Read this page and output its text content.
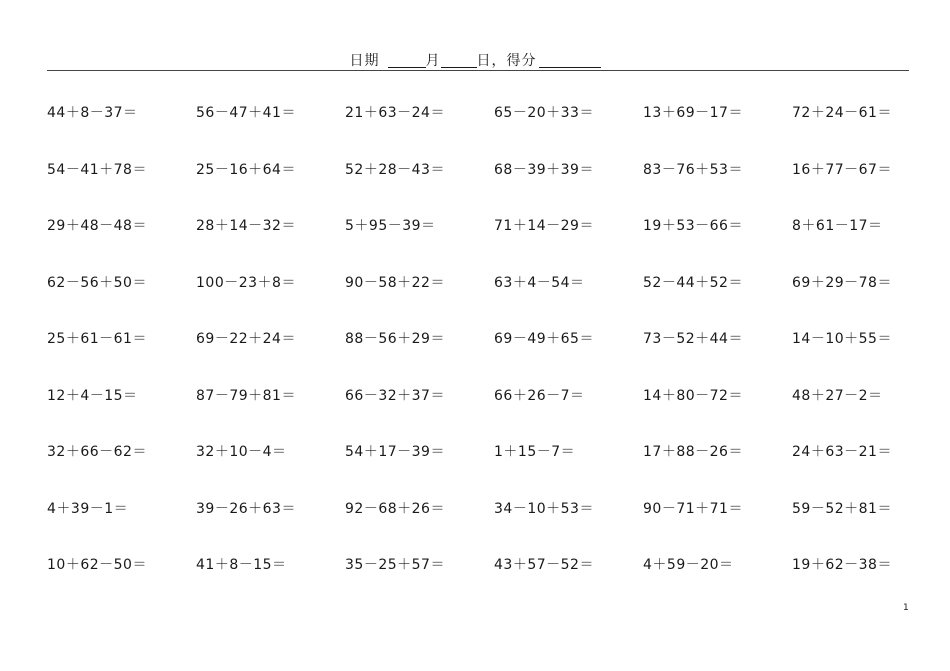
日期	月	日，得分
44＋8－37＝	56－47＋41＝	21＋63－24＝	65－20＋33＝	13＋69－17＝	72＋24－61＝
54－41＋78＝	25－16＋64＝	52＋28－43＝	68－39＋39＝	83－76＋53＝	16＋77－67＝
29＋48－48＝	28＋14－32＝	5＋95－39＝	71＋14－29＝	19＋53－66＝	8＋61－17＝
62－56＋50＝	100－23＋8＝	90－58＋22＝	63＋4－54＝	52－44＋52＝	69＋29－78＝
25＋61－61＝	69－22＋24＝	88－56＋29＝	69－49＋65＝	73－52＋44＝	14－10＋55＝
12＋4－15＝	87－79＋81＝	66－32＋37＝	66＋26－7＝	14＋80－72＝	48＋27－2＝
32＋66－62＝	32＋10－4＝	54＋17－39＝	1＋15－7＝	17＋88－26＝	24＋63－21＝
4＋39－1＝	39－26＋63＝	92－68＋26＝	34－10＋53＝	90－71＋71＝	59－52＋81＝
10＋62－50＝	41＋8－15＝	35－25＋57＝	43＋57－52＝	4＋59－20＝	19＋62－38＝
1
